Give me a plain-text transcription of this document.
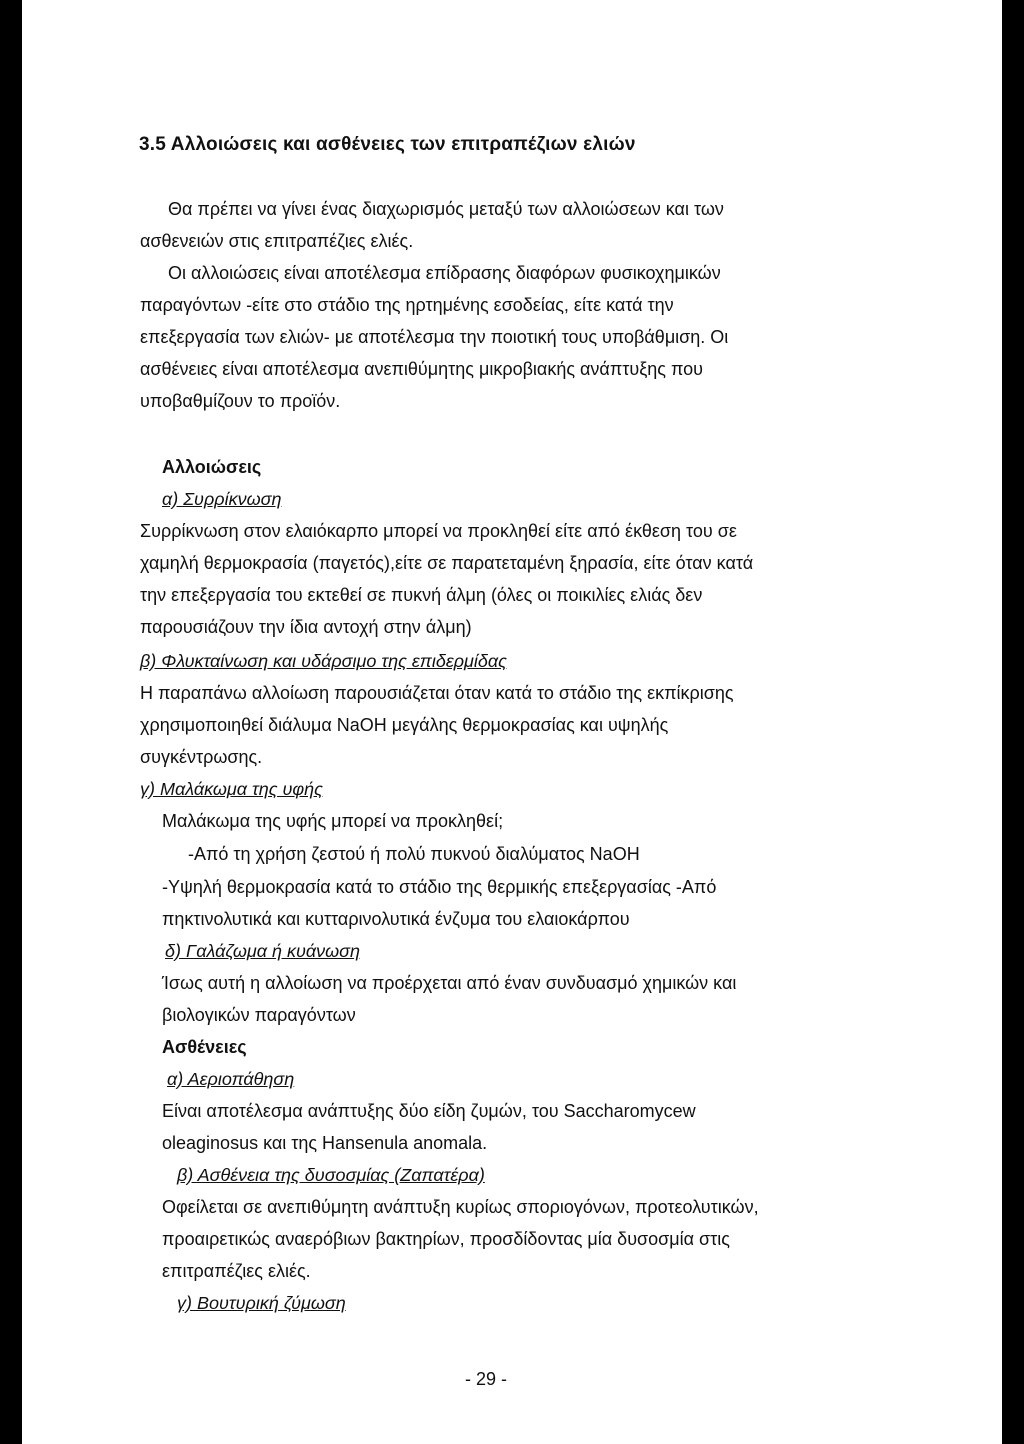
3.5 Αλλοιώσεις και ασθένειες των επιτραπέζιων ελιών

Θα πρέπει να γίνει ένας διαχωρισμός μεταξύ των αλλοιώσεων και των

ασθενειών στις επιτραπέζιες ελιές.

Οι αλλοιώσεις είναι αποτέλεσμα επίδρασης διαφόρων φυσικοχημικών

παραγόντων -είτε στο στάδιο της ηρτημένης εσοδείας, είτε κατά την

επεξεργασία των ελιών- με αποτέλεσμα την ποιοτική τους υποβάθμιση. Οι

ασθένειες είναι αποτέλεσμα ανεπιθύμητης μικροβιακής ανάπτυξης που

υποβαθμίζουν το προϊόν.

Αλλοιώσεις

α) Συρρίκνωση

Συρρίκνωση στον ελαιόκαρπο μπορεί να προκληθεί είτε από έκθεση του σε

χαμηλή θερμοκρασία (παγετός),είτε σε παρατεταμένη ξηρασία, είτε όταν κατά

την επεξεργασία του εκτεθεί σε πυκνή άλμη (όλες οι ποικιλίες ελιάς δεν

παρουσιάζουν την ίδια αντοχή στην άλμη)

β) Φλυκταίνωση και υδάρσιμο της επιδερμίδας

Η παραπάνω αλλοίωση παρουσιάζεται όταν κατά το στάδιο της εκπίκρισης

χρησιμοποιηθεί διάλυμα NaOH μεγάλης θερμοκρασίας και υψηλής

συγκέντρωσης.

γ) Μαλάκωμα της υφής

Μαλάκωμα της υφής μπορεί να προκληθεί;

-Από τη χρήση ζεστού ή πολύ πυκνού διαλύματος NaOH

-Υψηλή θερμοκρασία κατά το στάδιο της θερμικής επεξεργασίας -Από

πηκτινολυτικά και κυτταρινολυτικά ένζυμα του ελαιοκάρπου

δ) Γαλάζωμα ή κυάνωση

Ίσως αυτή η αλλοίωση να προέρχεται από έναν συνδυασμό χημικών και

βιολογικών παραγόντων

Ασθένειες

α) Αεριοπάθηση

Είναι αποτέλεσμα ανάπτυξης δύο είδη ζυμών, του Saccharomycew

oleaginosus και της Hansenula anomala.

β) Ασθένεια της δυσοσμίας (Ζαπατέρα)

Οφείλεται σε ανεπιθύμητη ανάπτυξη κυρίως σποριογόνων, προτεολυτικών,

προαιρετικώς αναερόβιων βακτηρίων, προσδίδοντας μία δυσοσμία στις

επιτραπέζιες ελιές.

γ) Βουτυρική ζύμωση

- 29 -
